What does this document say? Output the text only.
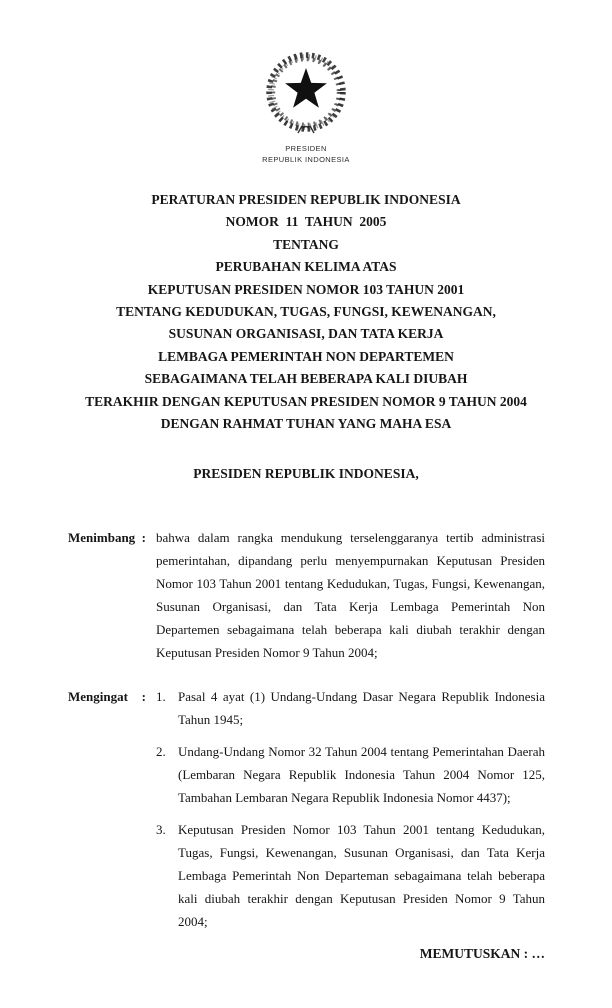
PRESIDEN
REPUBLIK INDONESIA
PERATURAN PRESIDEN REPUBLIK INDONESIA
NOMOR  11  TAHUN  2005
TENTANG
PERUBAHAN KELIMA ATAS
KEPUTUSAN PRESIDEN NOMOR 103 TAHUN 2001
TENTANG KEDUDUKAN, TUGAS, FUNGSI, KEWENANGAN,
SUSUNAN ORGANISASI, DAN TATA KERJA
LEMBAGA PEMERINTAH NON DEPARTEMEN
SEBAGAIMANA TELAH BEBERAPA KALI DIUBAH
TERAKHIR DENGAN KEPUTUSAN PRESIDEN NOMOR 9 TAHUN 2004
DENGAN RAHMAT TUHAN YANG MAHA ESA
PRESIDEN REPUBLIK INDONESIA,
Menimbang : bahwa dalam rangka mendukung terselenggaranya tertib administrasi pemerintahan, dipandang perlu menyempurnakan Keputusan Presiden Nomor 103 Tahun 2001 tentang Kedudukan, Tugas, Fungsi, Kewenangan, Susunan Organisasi, dan Tata Kerja Lembaga Pemerintah Non Departemen sebagaimana telah beberapa kali diubah terakhir dengan Keputusan Presiden Nomor 9 Tahun 2004;

Mengingat : 1. Pasal 4 ayat (1) Undang-Undang Dasar Negara Republik Indonesia Tahun 1945;
2. Undang-Undang Nomor 32 Tahun 2004 tentang Pemerintahan Daerah (Lembaran Negara Republik Indonesia Tahun 2004 Nomor 125, Tambahan Lembaran Negara Republik Indonesia Nomor 4437);
3. Keputusan Presiden Nomor 103 Tahun 2001 tentang Kedudukan, Tugas, Fungsi, Kewenangan, Susunan Organisasi, dan Tata Kerja Lembaga Pemerintah Non Departeman sebagaimana telah beberapa kali diubah terakhir dengan Keputusan Presiden Nomor 9 Tahun 2004;
MEMUTUSKAN : …
